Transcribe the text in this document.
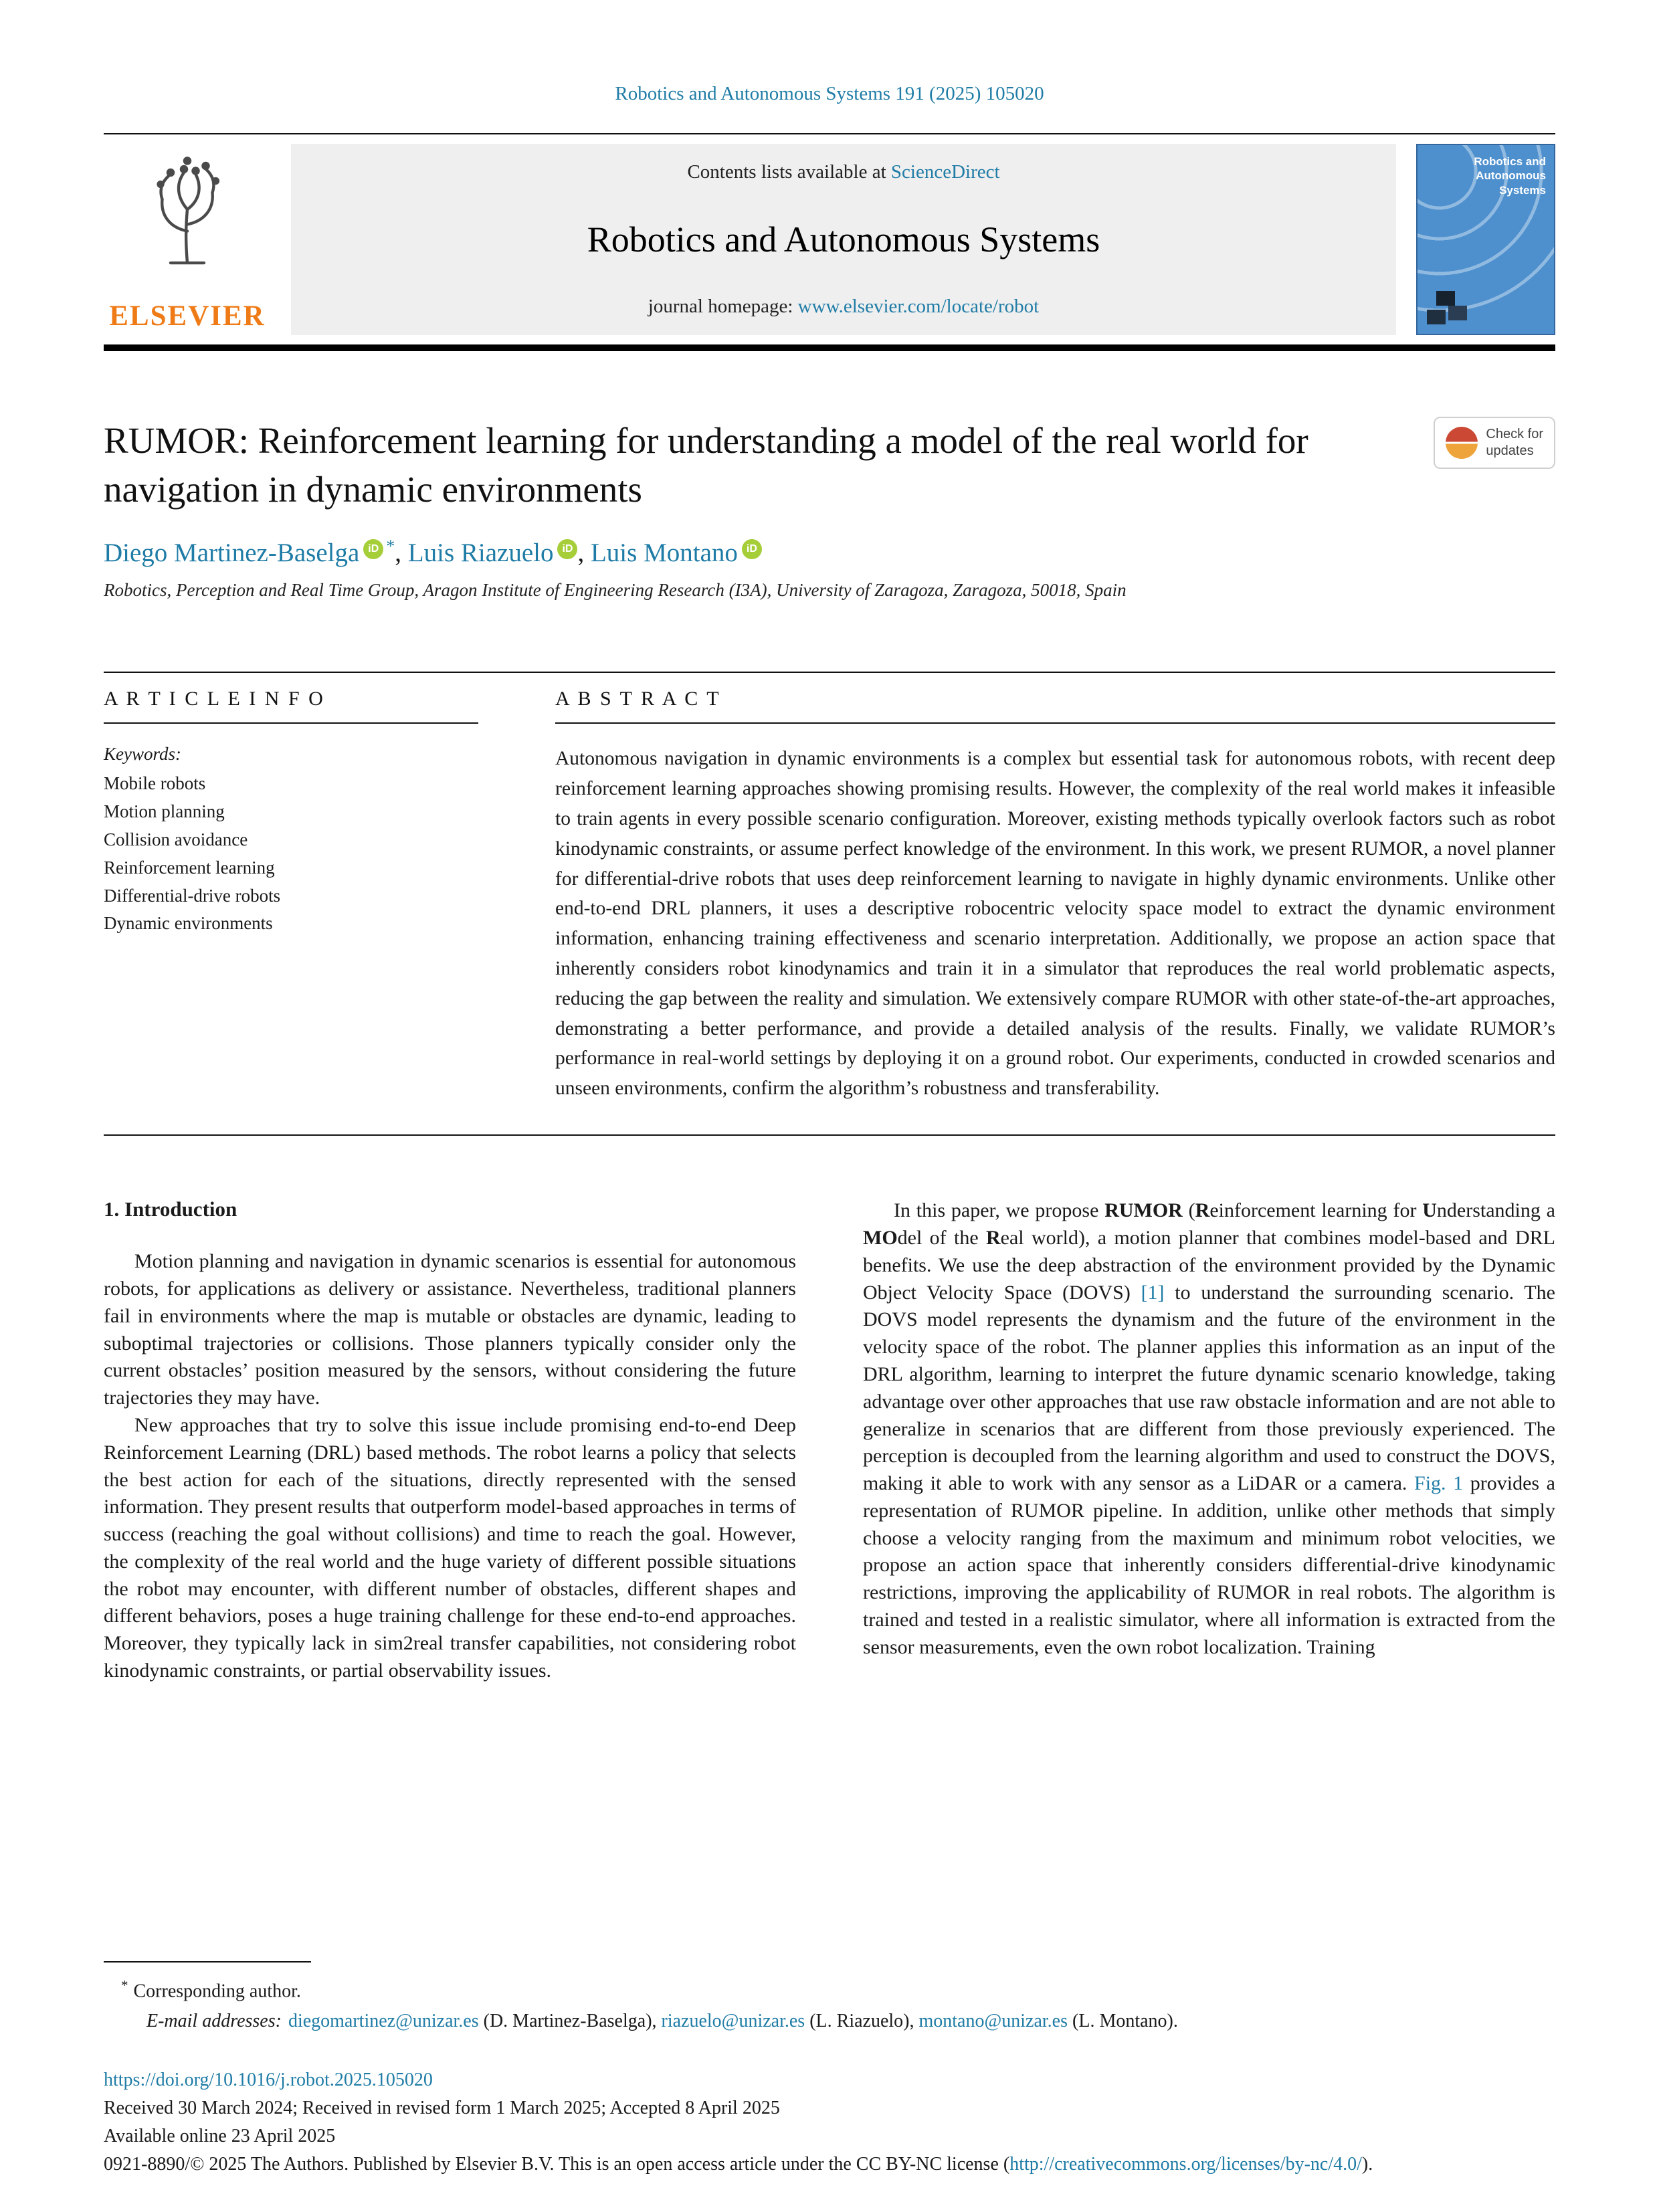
Robotics and Autonomous Systems 191 (2025) 105020
ELSEVIER
Contents lists available at ScienceDirect
Robotics and Autonomous Systems
journal homepage: www.elsevier.com/locate/robot
Robotics and Autonomous Systems
RUMOR: Reinforcement learning for understanding a model of the real world for navigation in dynamic environments
Check for
updates
Diego Martinez-Baselga iD *, Luis Riazuelo iD , Luis Montano iD
Robotics, Perception and Real Time Group, Aragon Institute of Engineering Research (I3A), University of Zaragoza, Zaragoza, 50018, Spain
A R T I C L E I N F O
Keywords:
Mobile robots
Motion planning
Collision avoidance
Reinforcement learning
Differential-drive robots
Dynamic environments
A B S T R A C T

Autonomous navigation in dynamic environments is a complex but essential task for autonomous robots, with recent deep reinforcement learning approaches showing promising results. However, the complexity of the real world makes it infeasible to train agents in every possible scenario configuration. Moreover, existing methods typically overlook factors such as robot kinodynamic constraints, or assume perfect knowledge of the environment. In this work, we present RUMOR, a novel planner for differential-drive robots that uses deep reinforcement learning to navigate in highly dynamic environments. Unlike other end-to-end DRL planners, it uses a descriptive robocentric velocity space model to extract the dynamic environment information, enhancing training effectiveness and scenario interpretation. Additionally, we propose an action space that inherently considers robot kinodynamics and train it in a simulator that reproduces the real world problematic aspects, reducing the gap between the reality and simulation. We extensively compare RUMOR with other state-of-the-art approaches, demonstrating a better performance, and provide a detailed analysis of the results. Finally, we validate RUMOR’s performance in real-world settings by deploying it on a ground robot. Our experiments, conducted in crowded scenarios and unseen environments, confirm the algorithm’s robustness and transferability.

1. Introduction

Motion planning and navigation in dynamic scenarios is essential for autonomous robots, for applications as delivery or assistance. Nevertheless, traditional planners fail in environments where the map is mutable or obstacles are dynamic, leading to suboptimal trajectories or collisions. Those planners typically consider only the current obstacles’ position measured by the sensors, without considering the future trajectories they may have.

New approaches that try to solve this issue include promising end-to-end Deep Reinforcement Learning (DRL) based methods. The robot learns a policy that selects the best action for each of the situations, directly represented with the sensed information. They present results that outperform model-based approaches in terms of success (reaching the goal without collisions) and time to reach the goal. However, the complexity of the real world and the huge variety of different possible situations the robot may encounter, with different number of obstacles, different shapes and different behaviors, poses a huge training challenge for these end-to-end approaches. Moreover, they typically lack in sim2real transfer capabilities, not considering robot kinodynamic constraints, or partial observability issues.

In this paper, we propose RUMOR (Reinforcement learning for Understanding a MOdel of the Real world), a motion planner that combines model-based and DRL benefits. We use the deep abstraction of the environment provided by the Dynamic Object Velocity Space (DOVS) [1] to understand the surrounding scenario. The DOVS model represents the dynamism and the future of the environment in the velocity space of the robot. The planner applies this information as an input of the DRL algorithm, learning to interpret the future dynamic scenario knowledge, taking advantage over other approaches that use raw obstacle information and are not able to generalize in scenarios that are different from those previously experienced. The perception is decoupled from the learning algorithm and used to construct the DOVS, making it able to work with any sensor as a LiDAR or a camera. Fig. 1 provides a representation of RUMOR pipeline. In addition, unlike other methods that simply choose a velocity ranging from the maximum and minimum robot velocities, we propose an action space that inherently considers differential-drive kinodynamic restrictions, improving the applicability of RUMOR in real robots. The algorithm is trained and tested in a realistic simulator, where all information is extracted from the sensor measurements, even the own robot localization. Training

* Corresponding author.
E-mail addresses: diegomartinez@unizar.es (D. Martinez-Baselga), riazuelo@unizar.es (L. Riazuelo), montano@unizar.es (L. Montano).
https://doi.org/10.1016/j.robot.2025.105020
Received 30 March 2024; Received in revised form 1 March 2025; Accepted 8 April 2025
Available online 23 April 2025
0921-8890/© 2025 The Authors. Published by Elsevier B.V. This is an open access article under the CC BY-NC license (http://creativecommons.org/licenses/by-nc/4.0/).
